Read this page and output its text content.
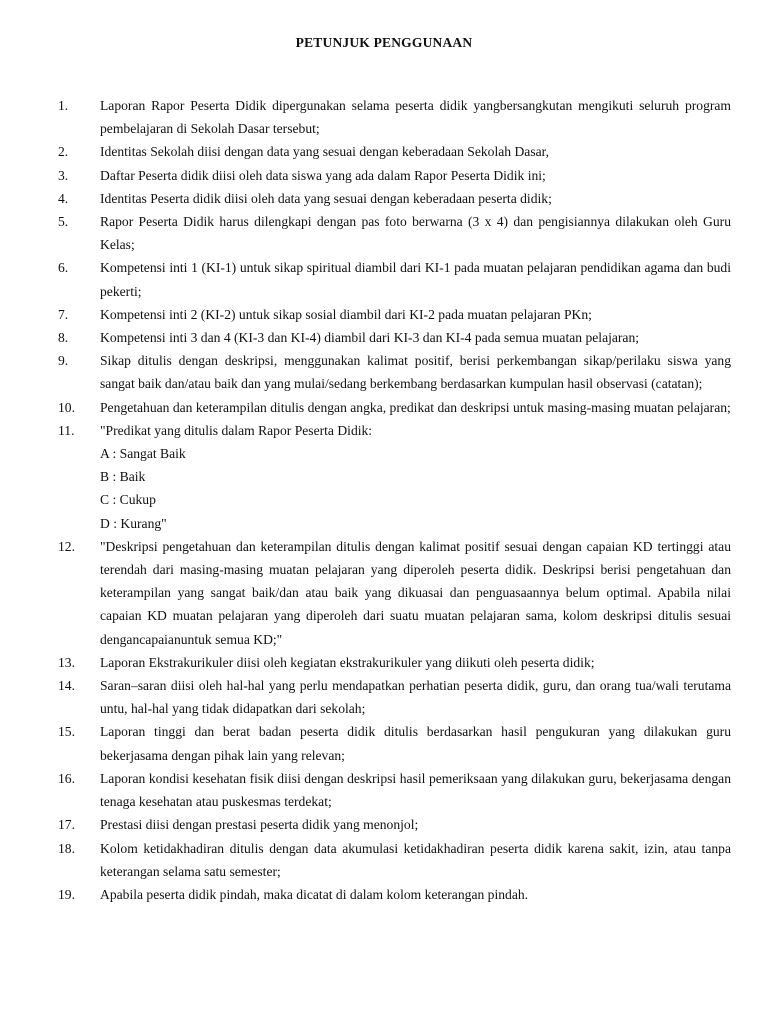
PETUNJUK PENGGUNAAN
1.	Laporan Rapor Peserta Didik dipergunakan selama peserta didik yangbersangkutan mengikuti seluruh program pembelajaran di Sekolah Dasar tersebut;
2.	Identitas Sekolah diisi dengan data yang sesuai dengan keberadaan Sekolah Dasar,
3.	Daftar Peserta didik diisi oleh data siswa yang ada dalam Rapor Peserta Didik ini;
4.	Identitas Peserta didik diisi oleh data yang sesuai dengan keberadaan peserta didik;
5.	Rapor Peserta Didik harus dilengkapi dengan pas foto berwarna (3 x 4) dan pengisiannya dilakukan oleh Guru Kelas;
6.	Kompetensi inti 1 (KI-1) untuk sikap spiritual diambil dari KI-1 pada muatan pelajaran pendidikan agama dan budi pekerti;
7.	Kompetensi inti 2 (KI-2) untuk sikap sosial diambil dari KI-2 pada muatan pelajaran PKn;
8.	Kompetensi inti 3 dan 4 (KI-3 dan KI-4) diambil dari KI-3 dan KI-4 pada semua muatan pelajaran;
9.	Sikap ditulis dengan deskripsi, menggunakan kalimat positif, berisi perkembangan sikap/perilaku siswa yang sangat baik dan/atau baik dan yang mulai/sedang berkembang berdasarkan kumpulan hasil observasi (catatan);
10.	Pengetahuan dan keterampilan ditulis dengan angka, predikat dan deskripsi untuk masing-masing muatan pelajaran;
11.	"Predikat yang ditulis dalam Rapor Peserta Didik:
A : Sangat Baik
B : Baik
C : Cukup
D : Kurang"
12.	"Deskripsi pengetahuan dan keterampilan ditulis dengan kalimat positif sesuai dengan capaian KD tertinggi atau terendah dari masing-masing muatan pelajaran yang diperoleh peserta didik. Deskripsi berisi pengetahuan dan keterampilan yang sangat baik/dan atau baik yang dikuasai dan penguasaannya belum optimal. Apabila nilai capaian KD muatan pelajaran yang diperoleh dari suatu muatan pelajaran sama, kolom deskripsi ditulis sesuai dengancapaianuntuk semua KD;"
13.	Laporan Ekstrakurikuler diisi oleh kegiatan ekstrakurikuler yang diikuti oleh peserta didik;
14.	Saran–saran diisi oleh hal-hal yang perlu mendapatkan perhatian peserta didik, guru, dan orang tua/wali terutama untu, hal-hal yang tidak didapatkan dari sekolah;
15.	Laporan tinggi dan berat badan peserta didik ditulis berdasarkan hasil pengukuran yang dilakukan guru bekerjasama dengan pihak lain yang relevan;
16.	Laporan kondisi kesehatan fisik diisi dengan deskripsi hasil pemeriksaan yang dilakukan guru, bekerjasama dengan tenaga kesehatan atau puskesmas terdekat;
17.	Prestasi diisi dengan prestasi peserta didik yang menonjol;
18.	Kolom ketidakhadiran ditulis dengan data akumulasi ketidakhadiran peserta didik karena sakit, izin, atau tanpa keterangan selama satu semester;
19.	Apabila peserta didik pindah, maka dicatat di dalam kolom keterangan pindah.
